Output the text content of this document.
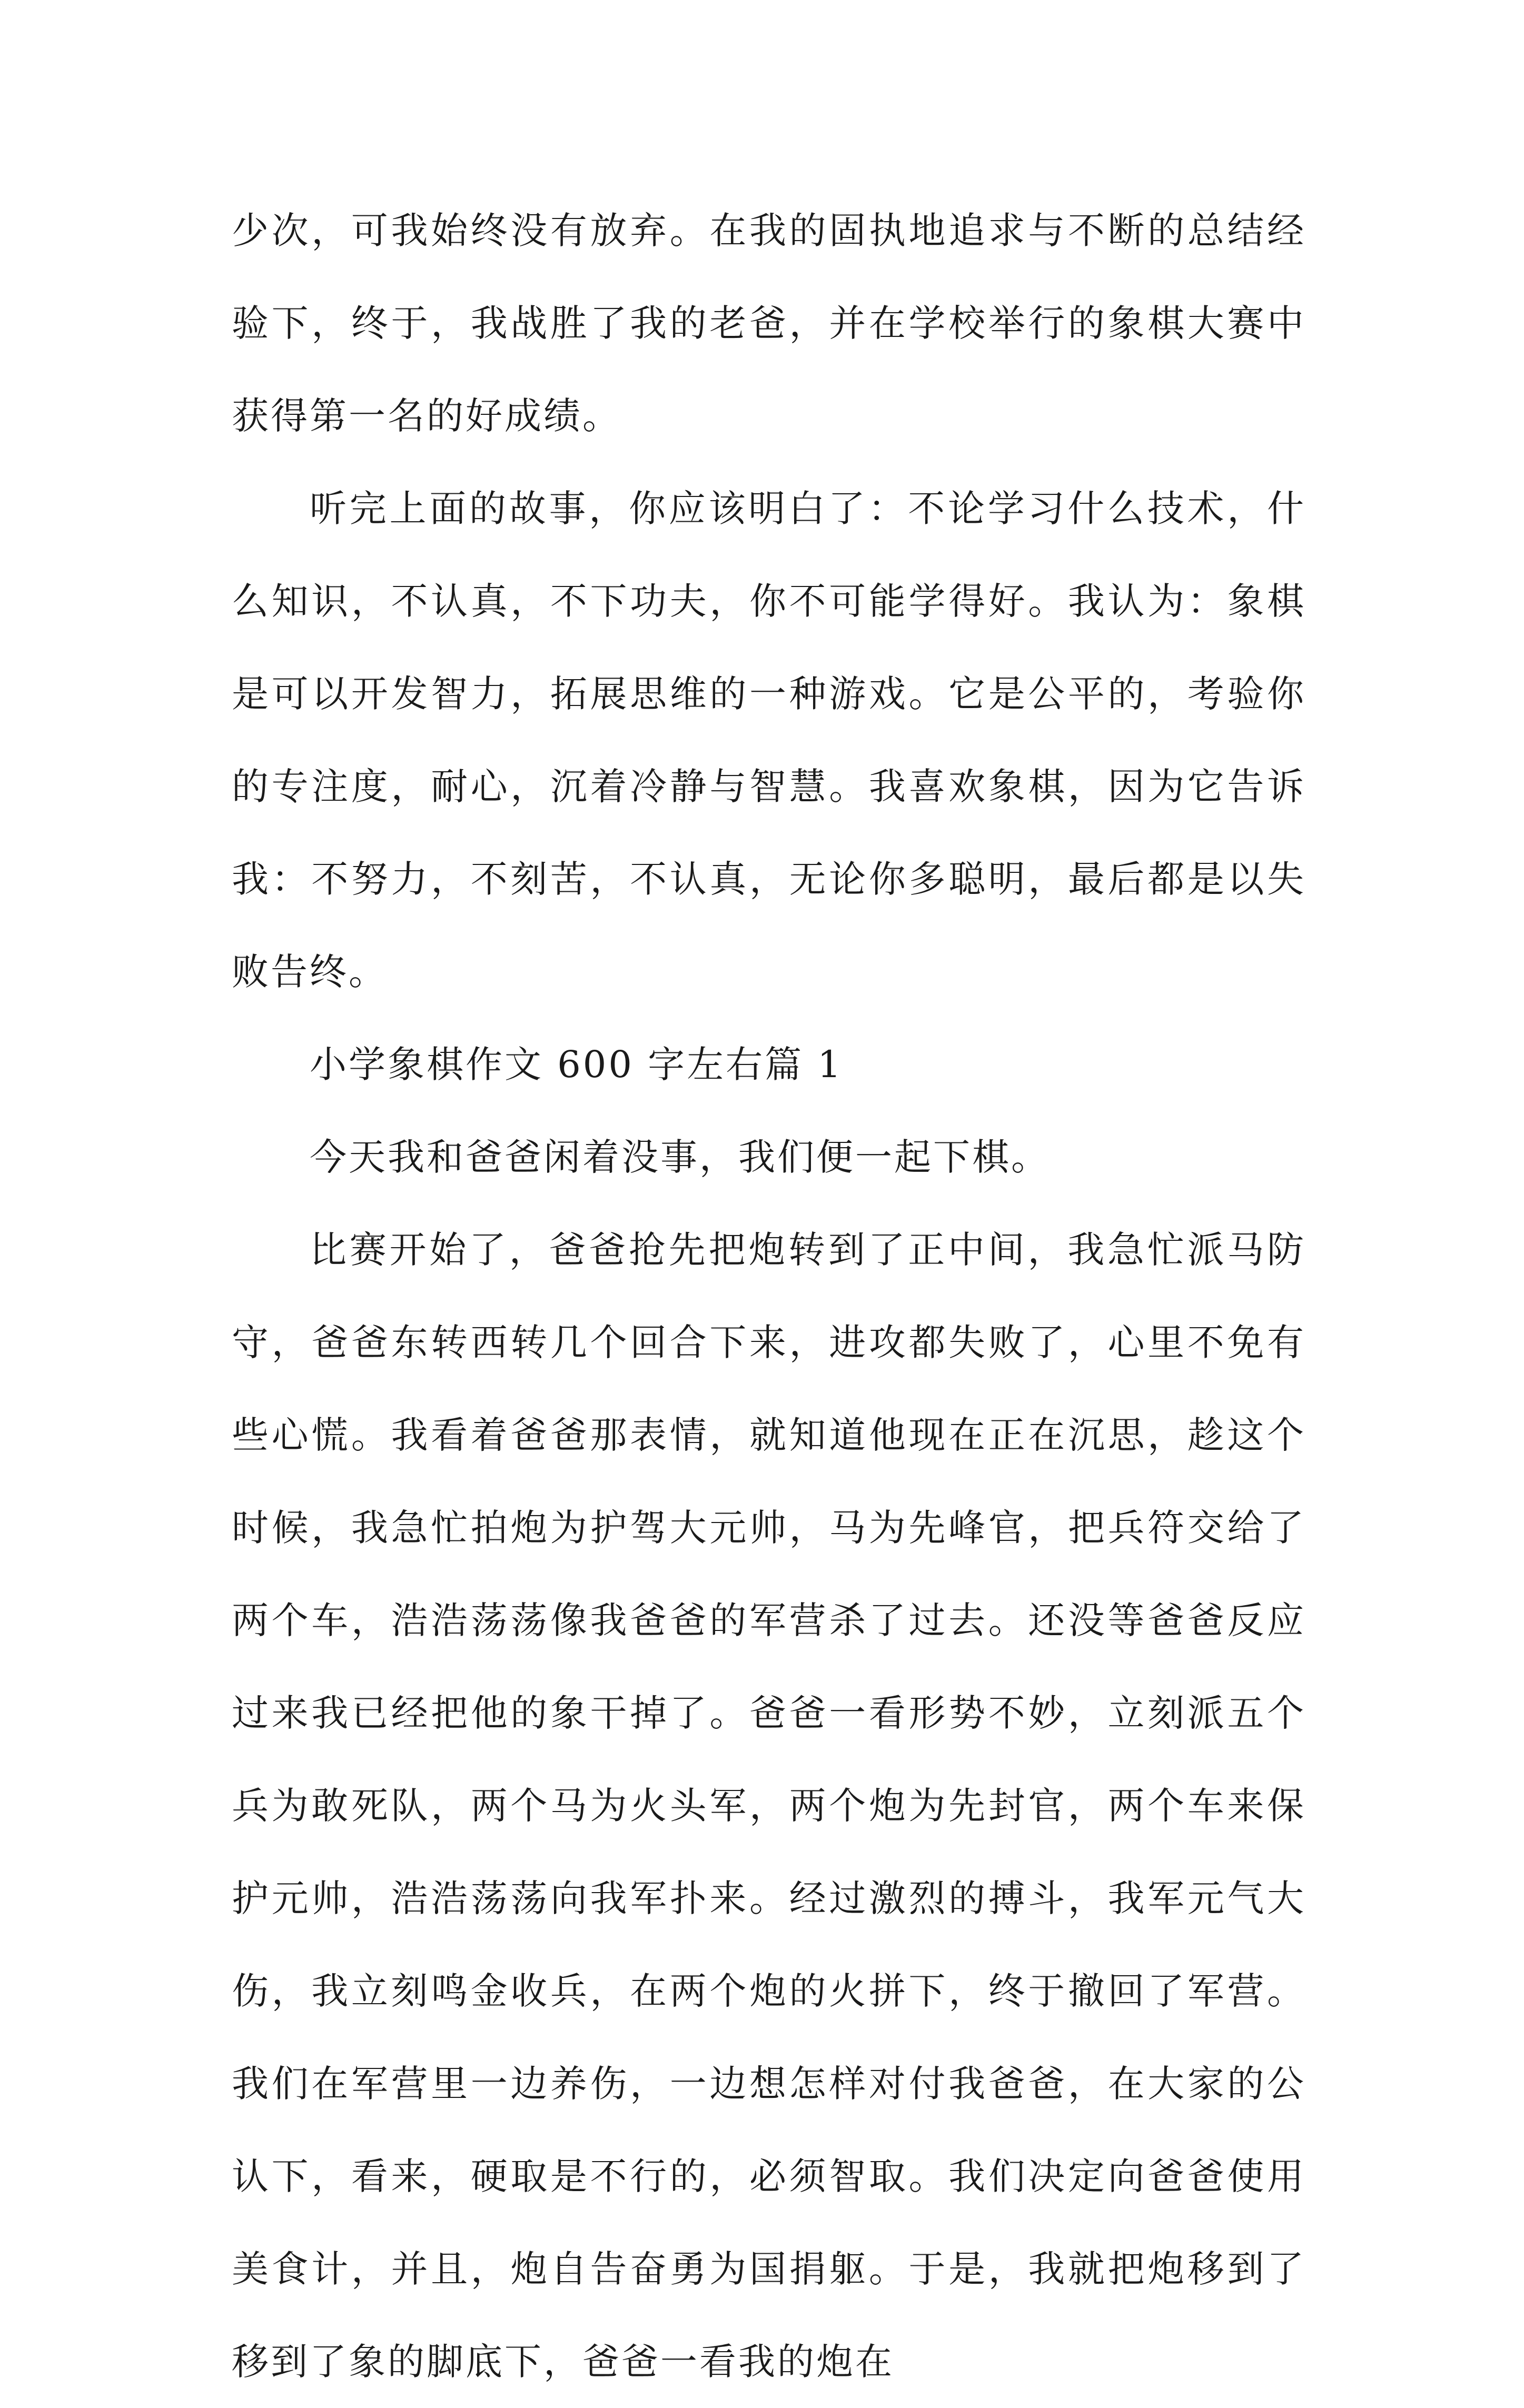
少次，可我始终没有放弃。在我的固执地追求与不断的总结经验下，终于，我战胜了我的老爸，并在学校举行的象棋大赛中获得第一名的好成绩。

听完上面的故事，你应该明白了：不论学习什么技术，什么知识，不认真，不下功夫，你不可能学得好。我认为：象棋是可以开发智力，拓展思维的一种游戏。它是公平的，考验你的专注度，耐心，沉着冷静与智慧。我喜欢象棋，因为它告诉我：不努力，不刻苦，不认真，无论你多聪明，最后都是以失败告终。

小学象棋作文 600 字左右篇 1

今天我和爸爸闲着没事，我们便一起下棋。

比赛开始了，爸爸抢先把炮转到了正中间，我急忙派马防守，爸爸东转西转几个回合下来，进攻都失败了，心里不免有些心慌。我看着爸爸那表情，就知道他现在正在沉思，趁这个时候，我急忙拍炮为护驾大元帅，马为先峰官，把兵符交给了两个车，浩浩荡荡像我爸爸的军营杀了过去。还没等爸爸反应过来我已经把他的象干掉了。爸爸一看形势不妙，立刻派五个兵为敢死队，两个马为火头军，两个炮为先封官，两个车来保护元帅，浩浩荡荡向我军扑来。经过激烈的搏斗，我军元气大伤，我立刻鸣金收兵，在两个炮的火拼下，终于撤回了军营。我们在军营里一边养伤，一边想怎样对付我爸爸，在大家的公认下，看来，硬取是不行的，必须智取。我们决定向爸爸使用美食计，并且，炮自告奋勇为国捐躯。于是，我就把炮移到了移到了象的脚底下，爸爸一看我的炮在
